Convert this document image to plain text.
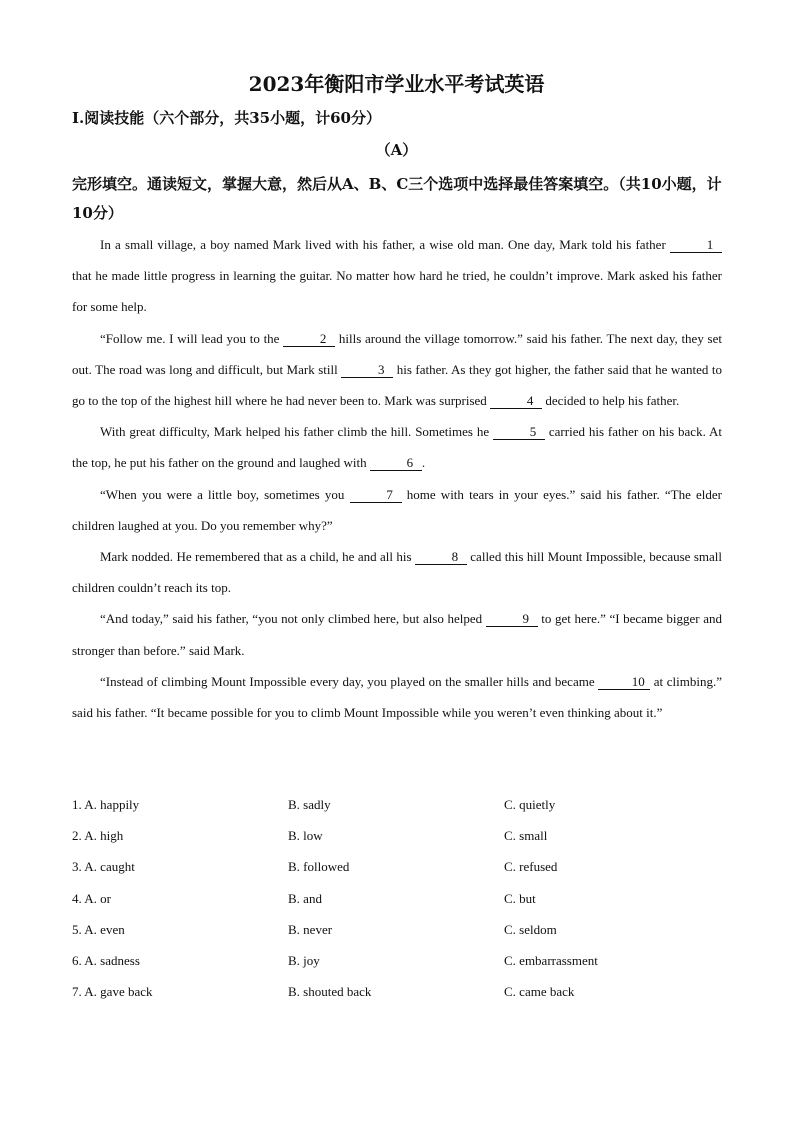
2023年衡阳市学业水平考试英语
I.阅读技能（六个部分，共35小题，计60分）
（A）
完形填空。通读短文，掌握大意，然后从A、B、C三个选项中选择最佳答案填空。（共10小题，计10分）

In a small village, a boy named Mark lived with his father, a wise old man. One day, Mark told his father	1 that he made little progress in learning the guitar. No matter how hard he tried, he couldn’t improve. Mark asked his father for some help.

“Follow me. I will lead you to the	2 hills around the village tomorrow.” said his father. The next day, they set out. The road was long and difficult, but Mark still	3 his father. As they got higher, the father said that he wanted to go to the top of the highest hill where he had never been to. Mark was surprised	4 decided to help his father.

With great difficulty, Mark helped his father climb the hill. Sometimes he	5 carried his father on his back. At the top, he put his father on the ground and laughed with	6 .

“When you were a little boy, sometimes you	7 home with tears in your eyes.” said his father. “The elder children laughed at you. Do you remember why?”

Mark nodded. He remembered that as a child, he and all his	8 called this hill Mount Impossible, because small children couldn’t reach its top.

“And today,” said his father, “you not only climbed here, but also helped	9 to get here.” “I became bigger and stronger than before.” said Mark.

“Instead of climbing Mount Impossible every day, you played on the smaller hills and became	10 at climbing.” said his father. “It became possible for you to climb Mount Impossible while you weren’t even thinking about it.”

1. A. happily	B. sadly	C. quietly
2. A. high	B. low	C. small
3. A. caught	B. followed	C. refused
4. A. or	B. and	C. but
5. A. even	B. never	C. seldom
6. A. sadness	B. joy	C. embarrassment
7. A. gave back	B. shouted back	C. came back
